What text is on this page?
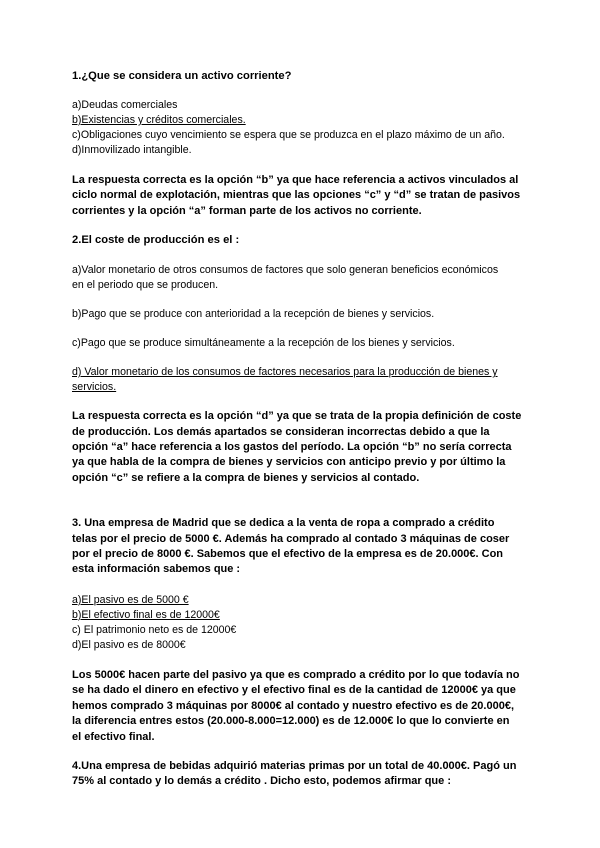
1.¿Que se considera un activo corriente?

a)Deudas comerciales

b)Existencias y créditos comerciales.

c)Obligaciones cuyo vencimiento se espera que se produzca en el plazo máximo de un año.

d)Inmovilizado intangible.

La respuesta correcta es la opción “b” ya que hace referencia a activos vinculados al

ciclo normal de explotación, mientras que las opciones “c” y “d” se tratan de pasivos

corrientes y la opción “a” forman parte de los activos no corriente.

2.El coste de producción es el :

a)Valor monetario de otros consumos de factores que solo generan beneficios económicos

en el periodo que se producen.

b)Pago que se produce con anterioridad a la recepción de bienes y servicios.

c)Pago que se produce simultáneamente a la recepción de los bienes y servicios.

d) Valor monetario de los consumos de factores necesarios para la producción de bienes y

servicios.

La respuesta correcta es la opción “d” ya que se trata de la propia definición de coste

de producción. Los demás apartados se consideran incorrectas debido a que la

opción “a” hace referencia a los gastos del período. La opción “b” no sería correcta

ya que habla de la compra de bienes y servicios con anticipo previo y por último la

opción “c” se refiere a la compra de bienes y servicios al contado.

3. Una empresa de Madrid que se dedica a la venta de ropa a comprado a crédito

telas por el precio de 5000 €. Además ha comprado al contado 3 máquinas de coser

por el precio de 8000 €. Sabemos que el efectivo de la empresa es de 20.000€. Con

esta información sabemos que :

a)El pasivo es de 5000 €

b)El efectivo final es de 12000€

c) El patrimonio neto es de 12000€

d)El pasivo es de 8000€

Los 5000€ hacen parte del pasivo ya que es comprado a crédito por lo que todavía no

se ha dado el dinero en efectivo y el efectivo final es de la cantidad de 12000€ ya que

hemos comprado 3 máquinas por 8000€ al contado y nuestro efectivo es de 20.000€,

la diferencia entres estos (20.000-8.000=12.000) es de 12.000€ lo que lo convierte en

el efectivo final.

4.Una empresa de bebidas adquirió materias primas por un total de 40.000€. Pagó un

75% al contado y lo demás a crédito . Dicho esto, podemos afirmar que :
